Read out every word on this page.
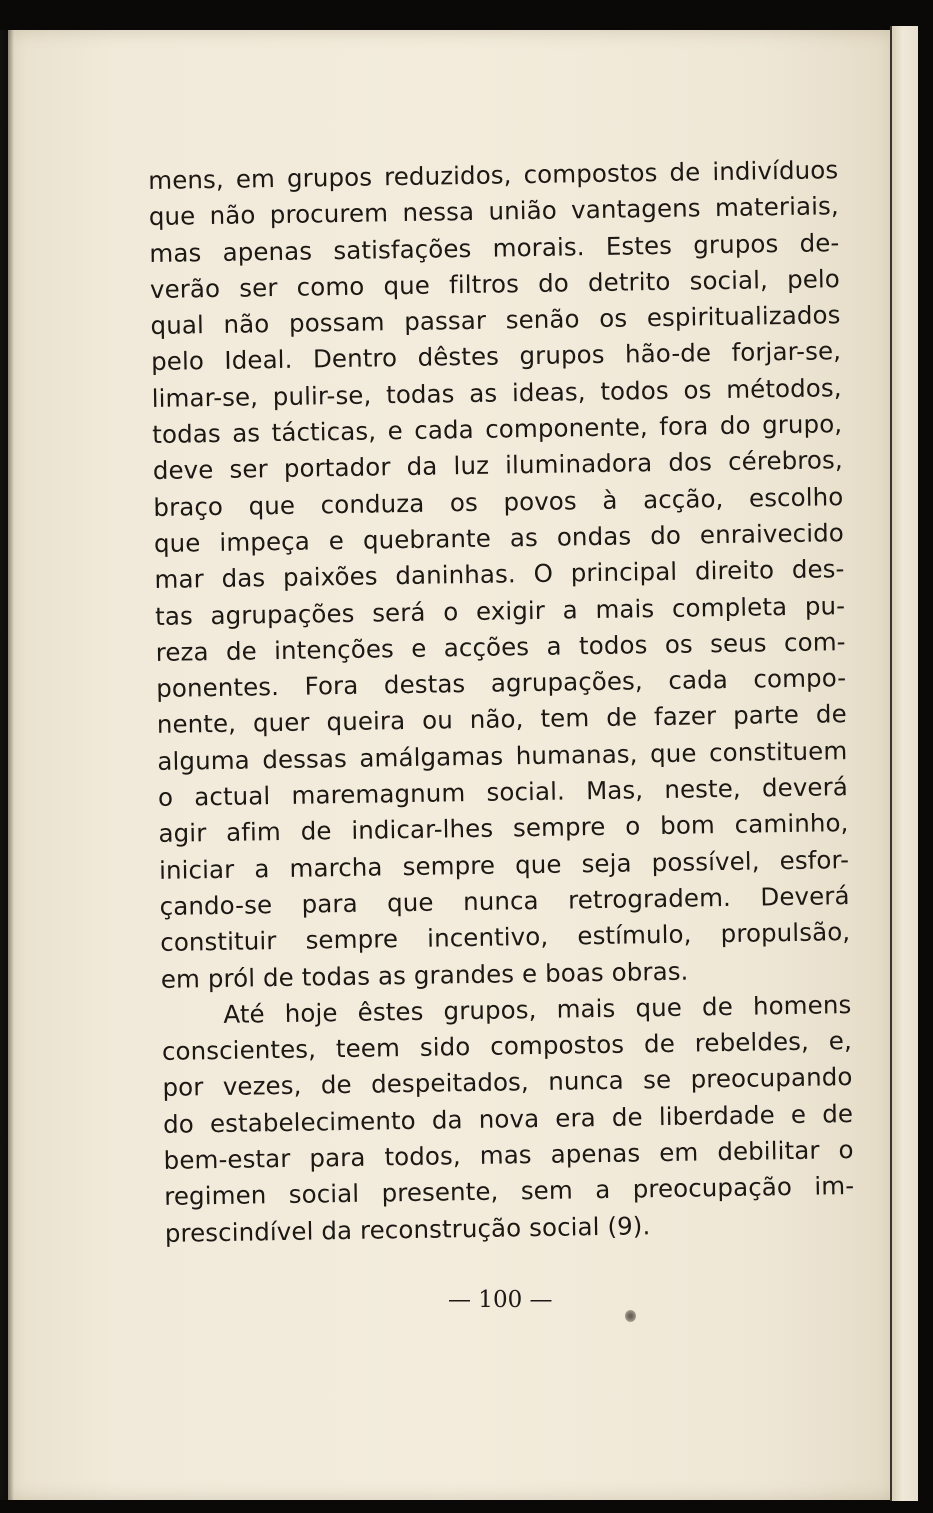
mens, em grupos reduzidos, compostos de indivíduos
que não procurem nessa união vantagens materiais,
mas apenas satisfações morais. Estes grupos de-
verão ser como que filtros do detrito social, pelo
qual não possam passar senão os espiritualizados
pelo Ideal. Dentro dêstes grupos hão-de forjar-se,
limar-se, pulir-se, todas as ideas, todos os métodos,
todas as tácticas, e cada componente, fora do grupo,
deve ser portador da luz iluminadora dos cérebros,
braço que conduza os povos à acção, escolho
que impeça e quebrante as ondas do enraivecido
mar das paixões daninhas. O principal direito des-
tas agrupações será o exigir a mais completa pu-
reza de intenções e acções a todos os seus com-
ponentes. Fora destas agrupações, cada compo-
nente, quer queira ou não, tem de fazer parte de
alguma dessas amálgamas humanas, que constituem
o actual maremagnum social. Mas, neste, deverá
agir afim de indicar-lhes sempre o bom caminho,
iniciar a marcha sempre que seja possível, esfor-
çando-se para que nunca retrogradem. Deverá
constituir sempre incentivo, estímulo, propulsão,
em pról de todas as grandes e boas obras.
Até hoje êstes grupos, mais que de homens
conscientes, teem sido compostos de rebeldes, e,
por vezes, de despeitados, nunca se preocupando
do estabelecimento da nova era de liberdade e de
bem-estar para todos, mas apenas em debilitar o
regimen social presente, sem a preocupação im-
prescindível da reconstrução social (9).
— 100 —
